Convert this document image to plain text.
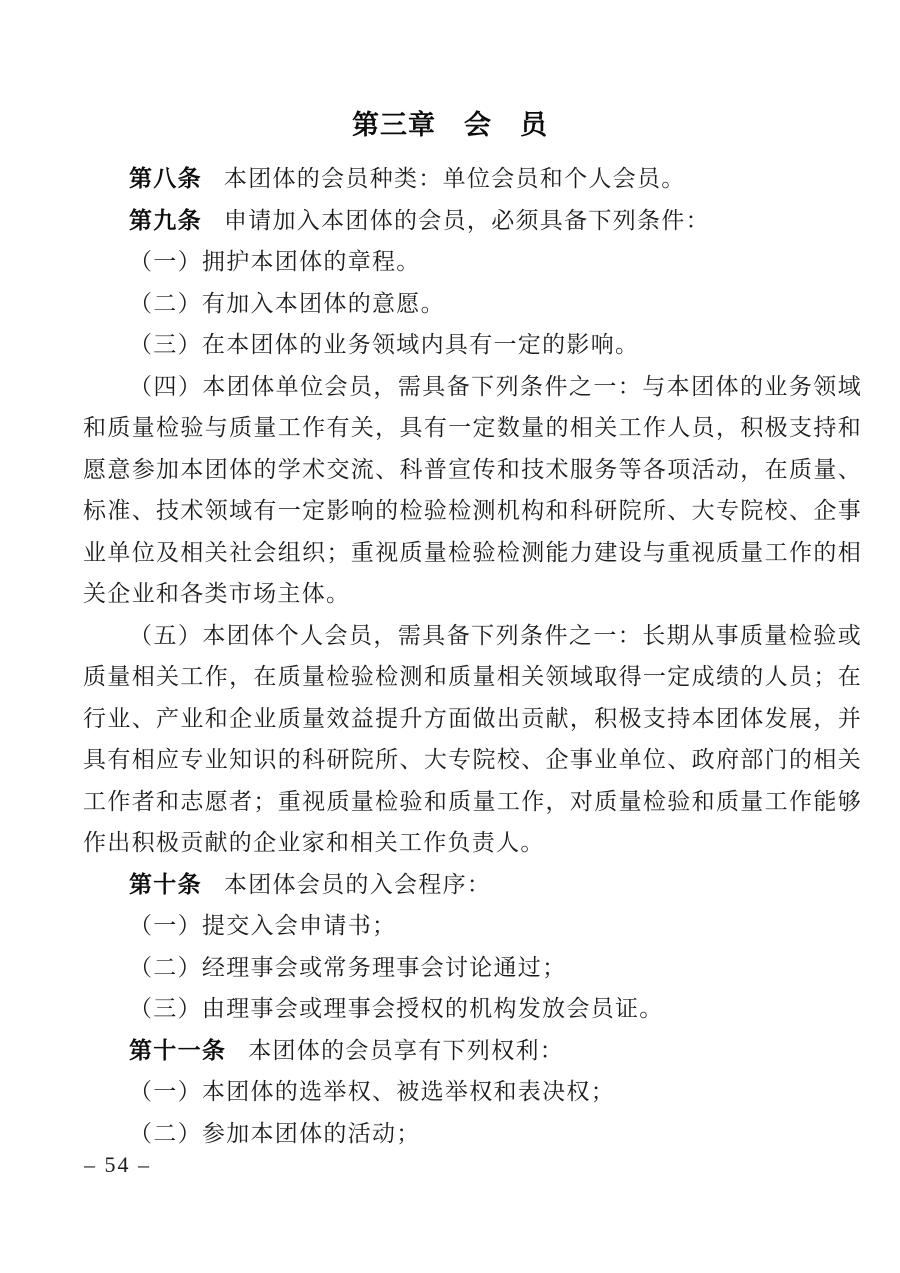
第三章　会　员

第八条 本团体的会员种类：单位会员和个人会员。

第九条 申请加入本团体的会员，必须具备下列条件：

（一）拥护本团体的章程。

（二）有加入本团体的意愿。

（三）在本团体的业务领域内具有一定的影响。

（四）本团体单位会员，需具备下列条件之一：与本团体的业务领域和质量检验与质量工作有关，具有一定数量的相关工作人员，积极支持和愿意参加本团体的学术交流、科普宣传和技术服务等各项活动，在质量、标准、技术领域有一定影响的检验检测机构和科研院所、大专院校、企事业单位及相关社会组织；重视质量检验检测能力建设与重视质量工作的相关企业和各类市场主体。

（五）本团体个人会员，需具备下列条件之一：长期从事质量检验或质量相关工作，在质量检验检测和质量相关领域取得一定成绩的人员；在行业、产业和企业质量效益提升方面做出贡献，积极支持本团体发展，并具有相应专业知识的科研院所、大专院校、企事业单位、政府部门的相关工作者和志愿者；重视质量检验和质量工作，对质量检验和质量工作能够作出积极贡献的企业家和相关工作负责人。

第十条 本团体会员的入会程序：

（一）提交入会申请书；

（二）经理事会或常务理事会讨论通过；

（三）由理事会或理事会授权的机构发放会员证。

第十一条 本团体的会员享有下列权利：

（一）本团体的选举权、被选举权和表决权；

（二）参加本团体的活动；

– 54 –
